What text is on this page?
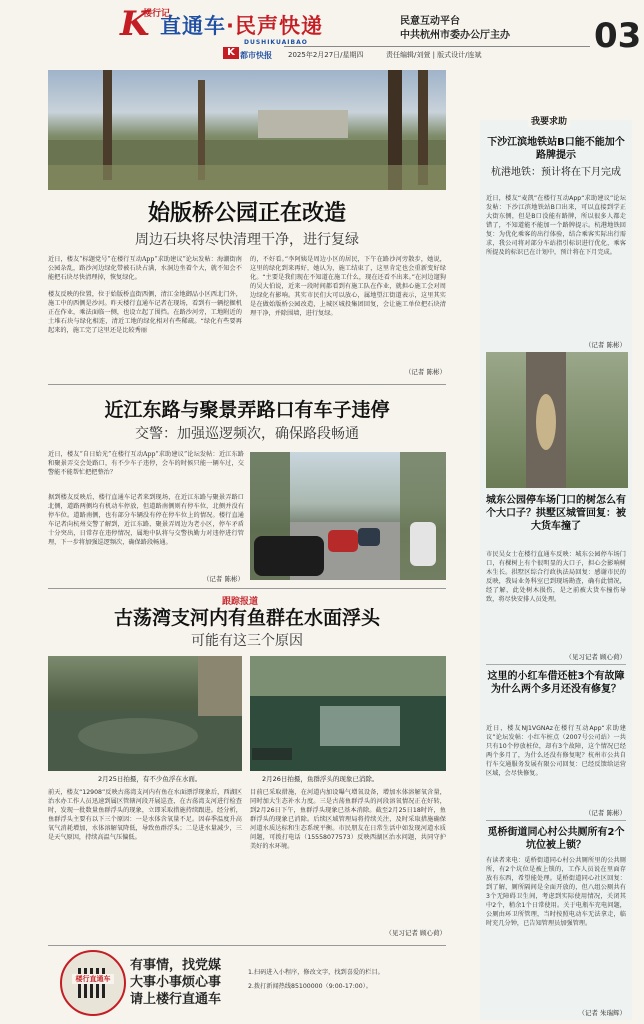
K
楼行记
直通车·民声快递	民意互动平台
中共杭州市委办公厅主办 03
DUSHIKUAIBAO
K 都市快报 2025年2月27日/星期四	责任编辑/刘萱 | 版式设计/连斌
始版桥公园正在改造
周边石块将尽快清理干净，进行复绿
近日，楼友“标题党号”在楼行互动App“求助建议”论坛发帖：海潮街南公园杂乱，路沙河边绿化带被石块占满，水洞边坐着个大，就不知会不能把石块尽快清理掉，恢复绿化。
楼友反映的位置，位于始版桥直街西侧，清江金地御品小区西北门外，施工中的西侧是沙河。昨天楼行直通车记者在现场，看到有一辆挖掘机正在作业，乘法面临一侧，也设立起了围挡。在路沙河旁，工地附近的土堆石块与绿化相连，清近工地的绿化相对有些稀疏。“绿化有些要再起来的，施工完了这里还是比较秀丽
的，不好看。”李阿姨是周边小区的居民，下午在路沙河旁散步，她说，这里的绿化到来再好，她认为，施工结束了，这里肯定也会重新变好绿化。“主要是我们现在不知道在施工什么，现在还看不出来。”在河边遛狗的吴大伯说，近来一段时间都看到有施工队在作业，就担心施工会对周边绿化有影响。其实市民们大可以放心，属地望江街道表示，这里其实是在做始版桥公园改造，上城区城投集团回复，会让施工单位把石块清理干净，并除围墙，进行复绿。
（记者 陈彬）
近江东路与聚景弄路口有车子违停
交警：加强巡逻频次，确保路段畅通
近日，楼友“自日始光”在楼行互动App“求助建议”论坛发帖：近江东路和聚景弄交会处路口，有不少车子违停，会车的时候只能一辆车过，交警能不能帮忙把把整治？
据到楼友反映后，楼行直通车记者来到现场，在近江东路与聚景弄路口北侧，道路两侧均有机动车停放，但道路南侧则有停车位，北侧并没有停车位。道路南侧，也有部分车辆没有停在停车位上的情况。楼行直通车记者向杭州交警了解到，近江东路、聚景弄周边为老小区，停车矛盾十分突出，日常存在违停情况，属地中队将与交警执勤力对违停进行管理，下一步将加强巡逻频次，确保路段畅通。
（记者 陈彬）
跟踪报道
古荡湾支河内有鱼群在水面浮头
可能有这三个原因
2月25日拍摄，有不少鱼浮在水面。	2月26日拍摄，鱼群浮头的现象已消除。
前天，楼友“12908”反映古荡湾支河内有鱼在水面漂浮现象后，西湖区治水办工作人员迅速到属区管辖河段开展巡查，在古荡湾支河进行检查时，发现一批数量鱼群浮头的现象，立即采取措施持续跟进。经分析，鱼群浮头主要有以下三个原因：一是水体含氧量不足。因春季温度升高氧气消耗增加，水体溶解氧降低，导致鱼群浮头；二是进水量减少，三是天气原因，持续高温气压偏低。
目前已采取措施，在河道内加设曝气增氧设备，增加水体溶解氧含量，同时加大生态补水力度。三是古荡鱼群浮头的河段溶氧情况正在好转，到2月26日下午，鱼群浮头现象已基本消除。截至2月25日18时许，鱼群浮头的现象已消除。后续区域管理局将持续关注，及时采取措施确保河道水质达标和生态系统平衡。市民朋友在日常生活中如发现河道水质问题，可拨打电话（15558077573）反映西湖区治水问题，共同守护美好的水环境。
（见习记者 顾心荷）
楼行直通车
有事情，找党媒
大事小事烦心事
请上楼行直通车
1.扫码进入小程序，修改文字，找到喜爱的栏目。
2.拨打新闻热线85100000（9:00-17:00）。
我要求助
下沙江滨地铁站B口能不能加个路牌提示
杭港地铁：预计将在下月完成
近日，楼友“麦凯”在楼行互动App“求助建议”论坛发帖：下沙江滨地铁站B口出来，可以直接到学正大街东侧，但是B口没能有路牌，所以很多人都走错了，不知道能不能加一个路牌提示。杭港地铁回复：为优化乘客的出行体验，结合乘客实际出行需求，我公司将对部分车站指引标识进行优化，乘客所提及的标识已在计划中，预计将在下月完成。
（记者 陈彬）
城东公园停车场门口的树怎么有个大口子？拱墅区城管回复：被大货车撞了
市民吴女士在楼行直通车反映：城东公园停车场门口，有棵树上有个很明显的大口子，担心会影响树木生长。拱墅区综合行政执法局回复：感谢市民的反映，我局业务科室已到现场勘查，确有此情况，经了解，此处树木损伤，是之前被大货车撞伤导致，将尽快安排人员处理。
（见习记者 顾心荷）
这里的小红车借还桩3个有故障 为什么两个多月还没有修复？
近日，楼友NJ1VGNAz在楼行互动App“求助建议”论坛发帖：小红车桩点（2007号公司站）一共只有10个停放桩位，却有3个故障，这个情况已经两个多月了，为什么还没有修复呢？杭州市公共自行车交通服务发展有限公司回复：已经反馈给运营区域，会尽快修复。
（记者 陈彬）
觅桥街道同心村公共厕所有2个坑位被上锁？
有读者来电：觅桥街道同心村公共厕所里的公共厕所，有2个坑位是被上锁的，工作人员说在里面存放有东西，希望能处理。觅桥街道同心社区回复：到了解，厕所隔间是全面开放的，但八组公厕共有3个无障碍卫生间，考虑到实际使用情况，关闭其中2个，稍余1个日常使用。关于电瓶车充电问题，公厕由环卫所管理，当时按照电动车无法拿走，临时充几分钟，已告知管理员加强管理。
（记者 朱瑞辉）
